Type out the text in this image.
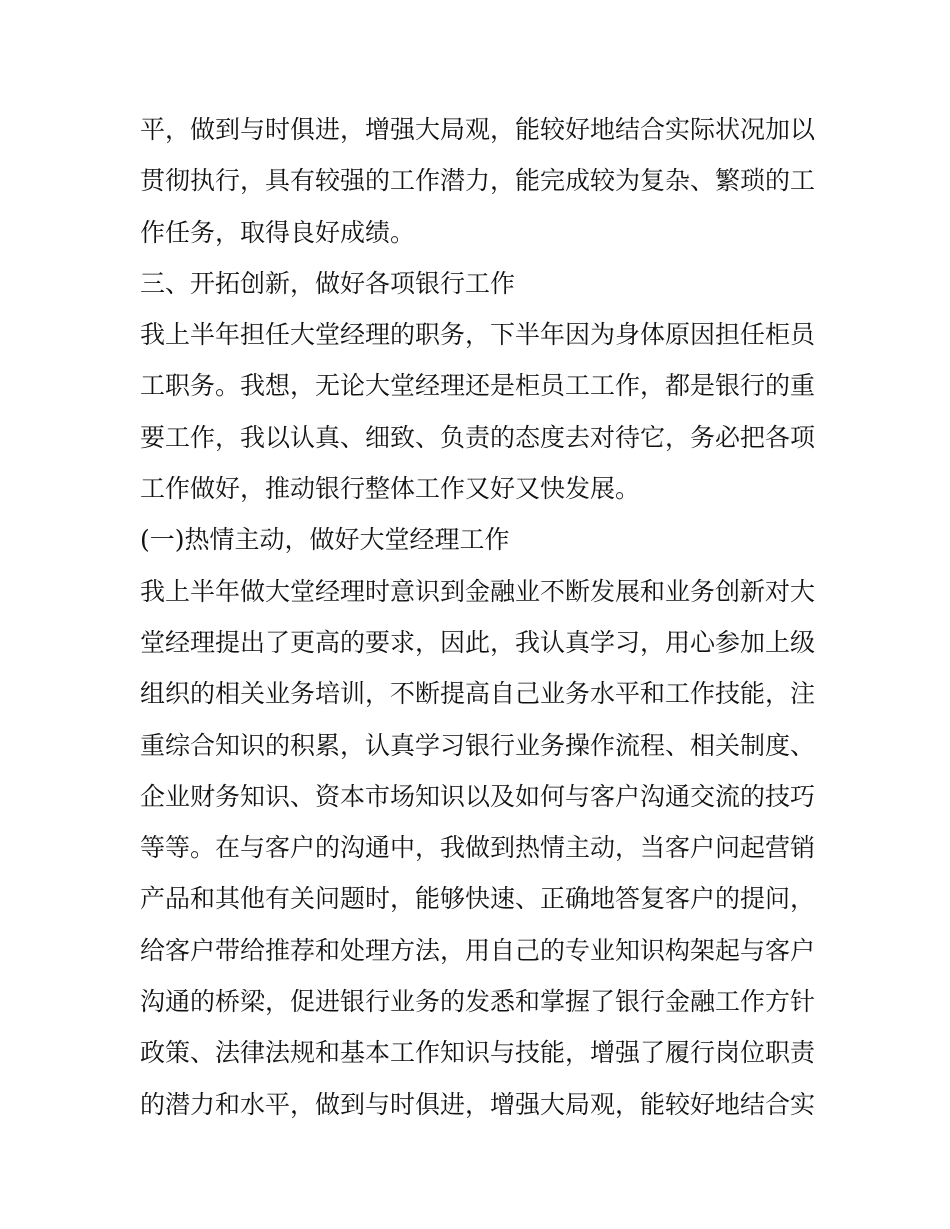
平，做到与时俱进，增强大局观，能较好地结合实际状况加以
贯彻执行，具有较强的工作潜力，能完成较为复杂、繁琐的工
作任务，取得良好成绩。
三、开拓创新，做好各项银行工作
我上半年担任大堂经理的职务，下半年因为身体原因担任柜员
工职务。我想，无论大堂经理还是柜员工工作，都是银行的重
要工作，我以认真、细致、负责的态度去对待它，务必把各项
工作做好，推动银行整体工作又好又快发展。
(一)热情主动，做好大堂经理工作
我上半年做大堂经理时意识到金融业不断发展和业务创新对大
堂经理提出了更高的要求，因此，我认真学习，用心参加上级
组织的相关业务培训，不断提高自己业务水平和工作技能，注
重综合知识的积累，认真学习银行业务操作流程、相关制度、
企业财务知识、资本市场知识以及如何与客户沟通交流的技巧
等等。在与客户的沟通中，我做到热情主动，当客户问起营销
产品和其他有关问题时，能够快速、正确地答复客户的提问，
给客户带给推荐和处理方法，用自己的专业知识构架起与客户
沟通的桥梁，促进银行业务的发悉和掌握了银行金融工作方针
政策、法律法规和基本工作知识与技能，增强了履行岗位职责
的潜力和水平，做到与时俱进，增强大局观，能较好地结合实
